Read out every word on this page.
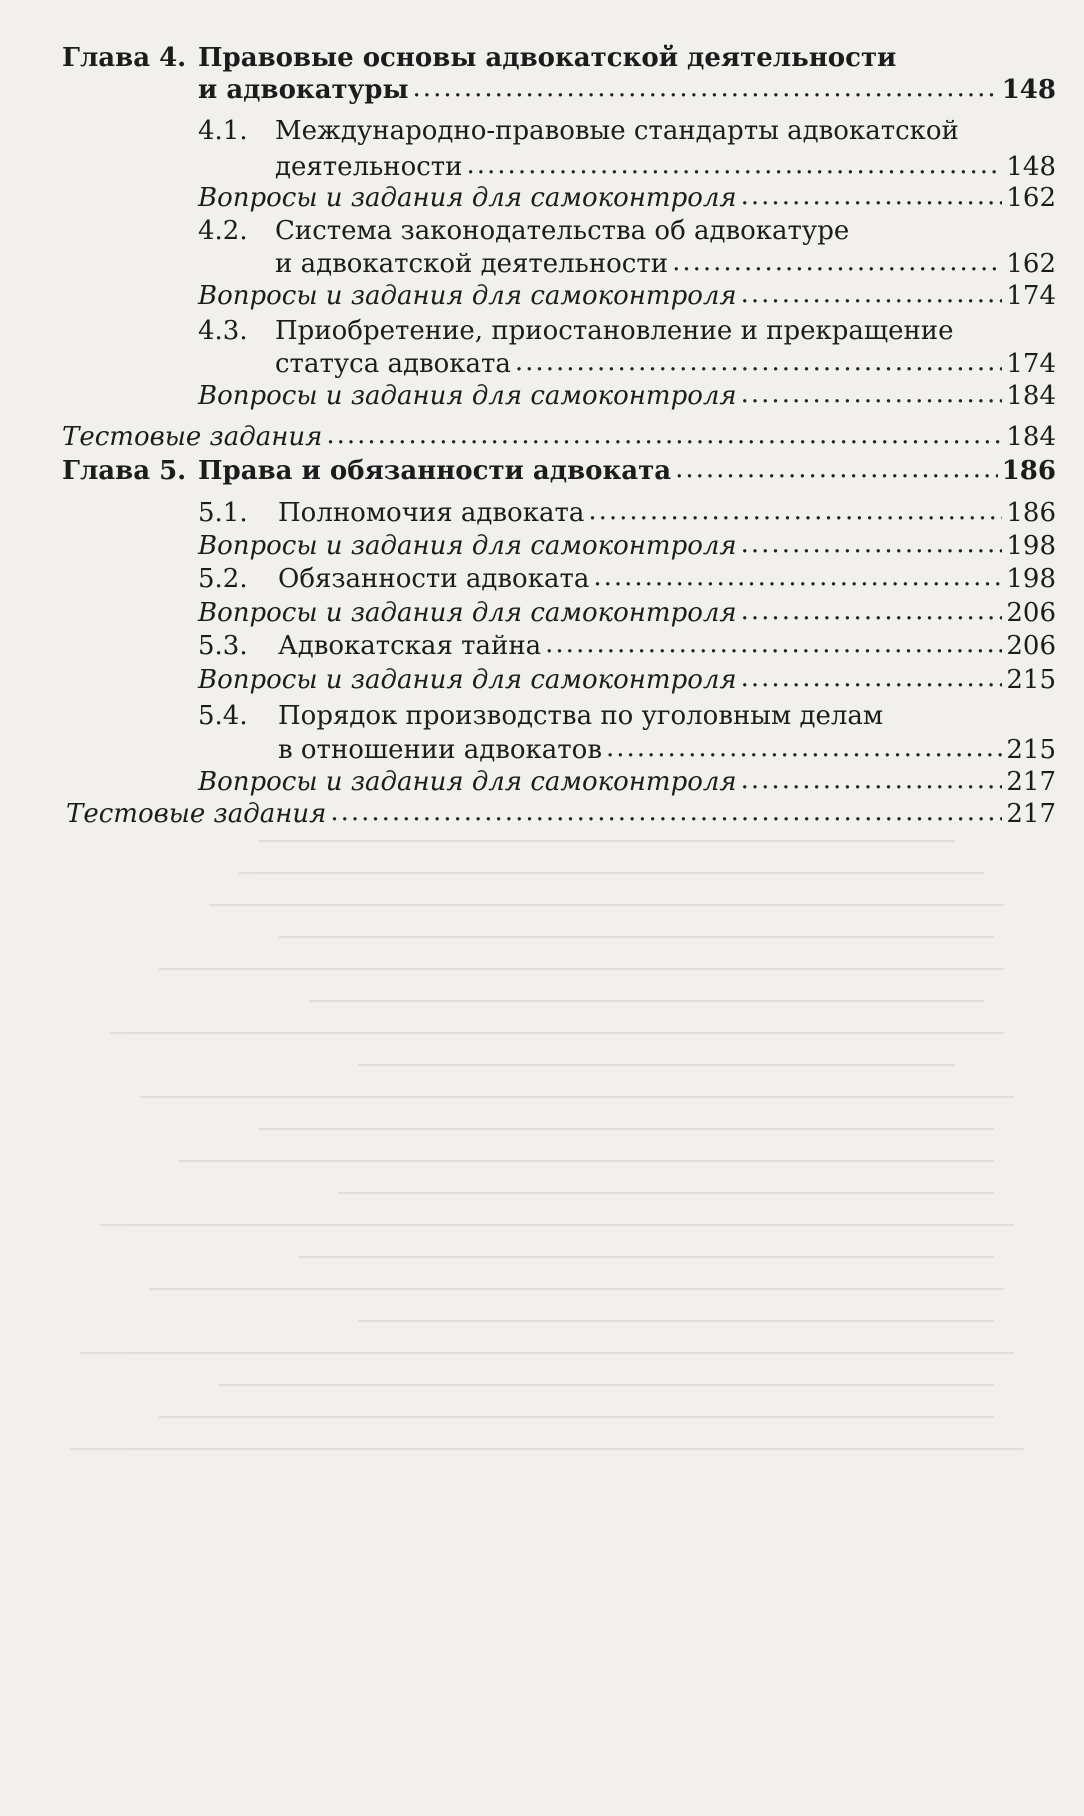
Глава 4. Правовые основы адвокатской деятельности
и адвокатуры .....	148
4.1. Международно-правовые стандарты адвокатской
деятельности .....	148
Вопросы и задания для самоконтроля .....	162
4.2. Система законодательства об адвокатуре
и адвокатской деятельности .....	162
Вопросы и задания для самоконтроля .....	174
4.3. Приобретение, приостановление и прекращение
статуса адвоката .....	174
Вопросы и задания для самоконтроля .....	184
Тестовые задания .....	184
Глава 5. Права и обязанности адвоката .....	186
5.1. Полномочия адвоката .....	186
Вопросы и задания для самоконтроля .....	198
5.2. Обязанности адвоката .....	198
Вопросы и задания для самоконтроля .....	206
5.3. Адвокатская тайна .....	206
Вопросы и задания для самоконтроля .....	215
5.4. Порядок производства по уголовным делам
в отношении адвокатов .....	215
Вопросы и задания для самоконтроля .....	217
Тестовые задания .....	217
